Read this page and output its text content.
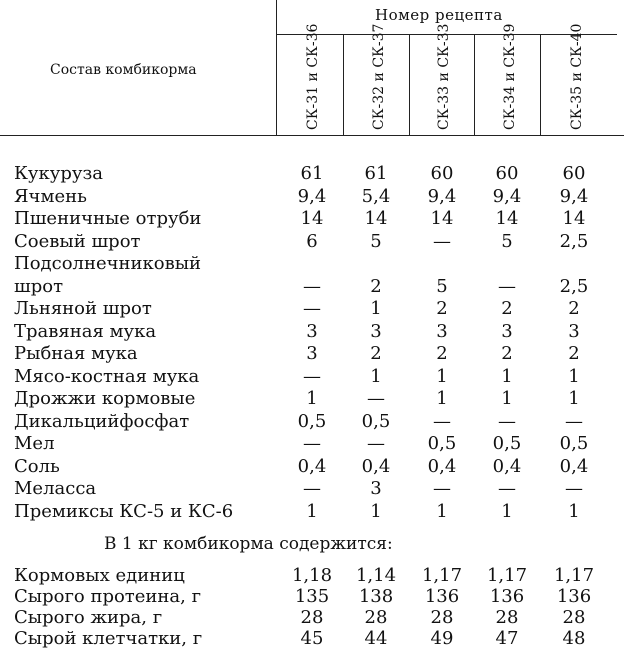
Состав комбикорма
Номер рецепта
СК-31 и СК-36	СК-32 и СК-37	СК-33 и СК-33	СК-34 и СК-39	СК-35 и СК-40
Кукуруза	61	61	60	60	60
Ячмень	9,4	5,4	9,4	9,4	9,4
Пшеничные отруби	14	14	14	14	14
Соевый шрот	6	5	—	5	2,5
Подсолнечниковый
шрот	—	2	5	—	2,5
Льняной шрот	—	1	2	2	2
Травяная мука	3	3	3	3	3
Рыбная мука	3	2	2	2	2
Мясо-костная мука	—	1	1	1	1
Дрожжи кормовые	1	—	1	1	1
Дикальцийфосфат	0,5	0,5	—	—	—
Мел	—	—	0,5	0,5	0,5
Соль	0,4	0,4	0,4	0,4	0,4
Меласса	—	3	—	—	—
Премиксы КС-5 и КС-6	1	1	1	1	1
В 1 кг комбикорма содержится:
Кормовых единиц	1,18	1,14	1,17	1,17	1,17
Сырого протеина, г	135	138	136	136	136
Сырого жира, г	28	28	28	28	28
Сырой клетчатки, г	45	44	49	47	48
